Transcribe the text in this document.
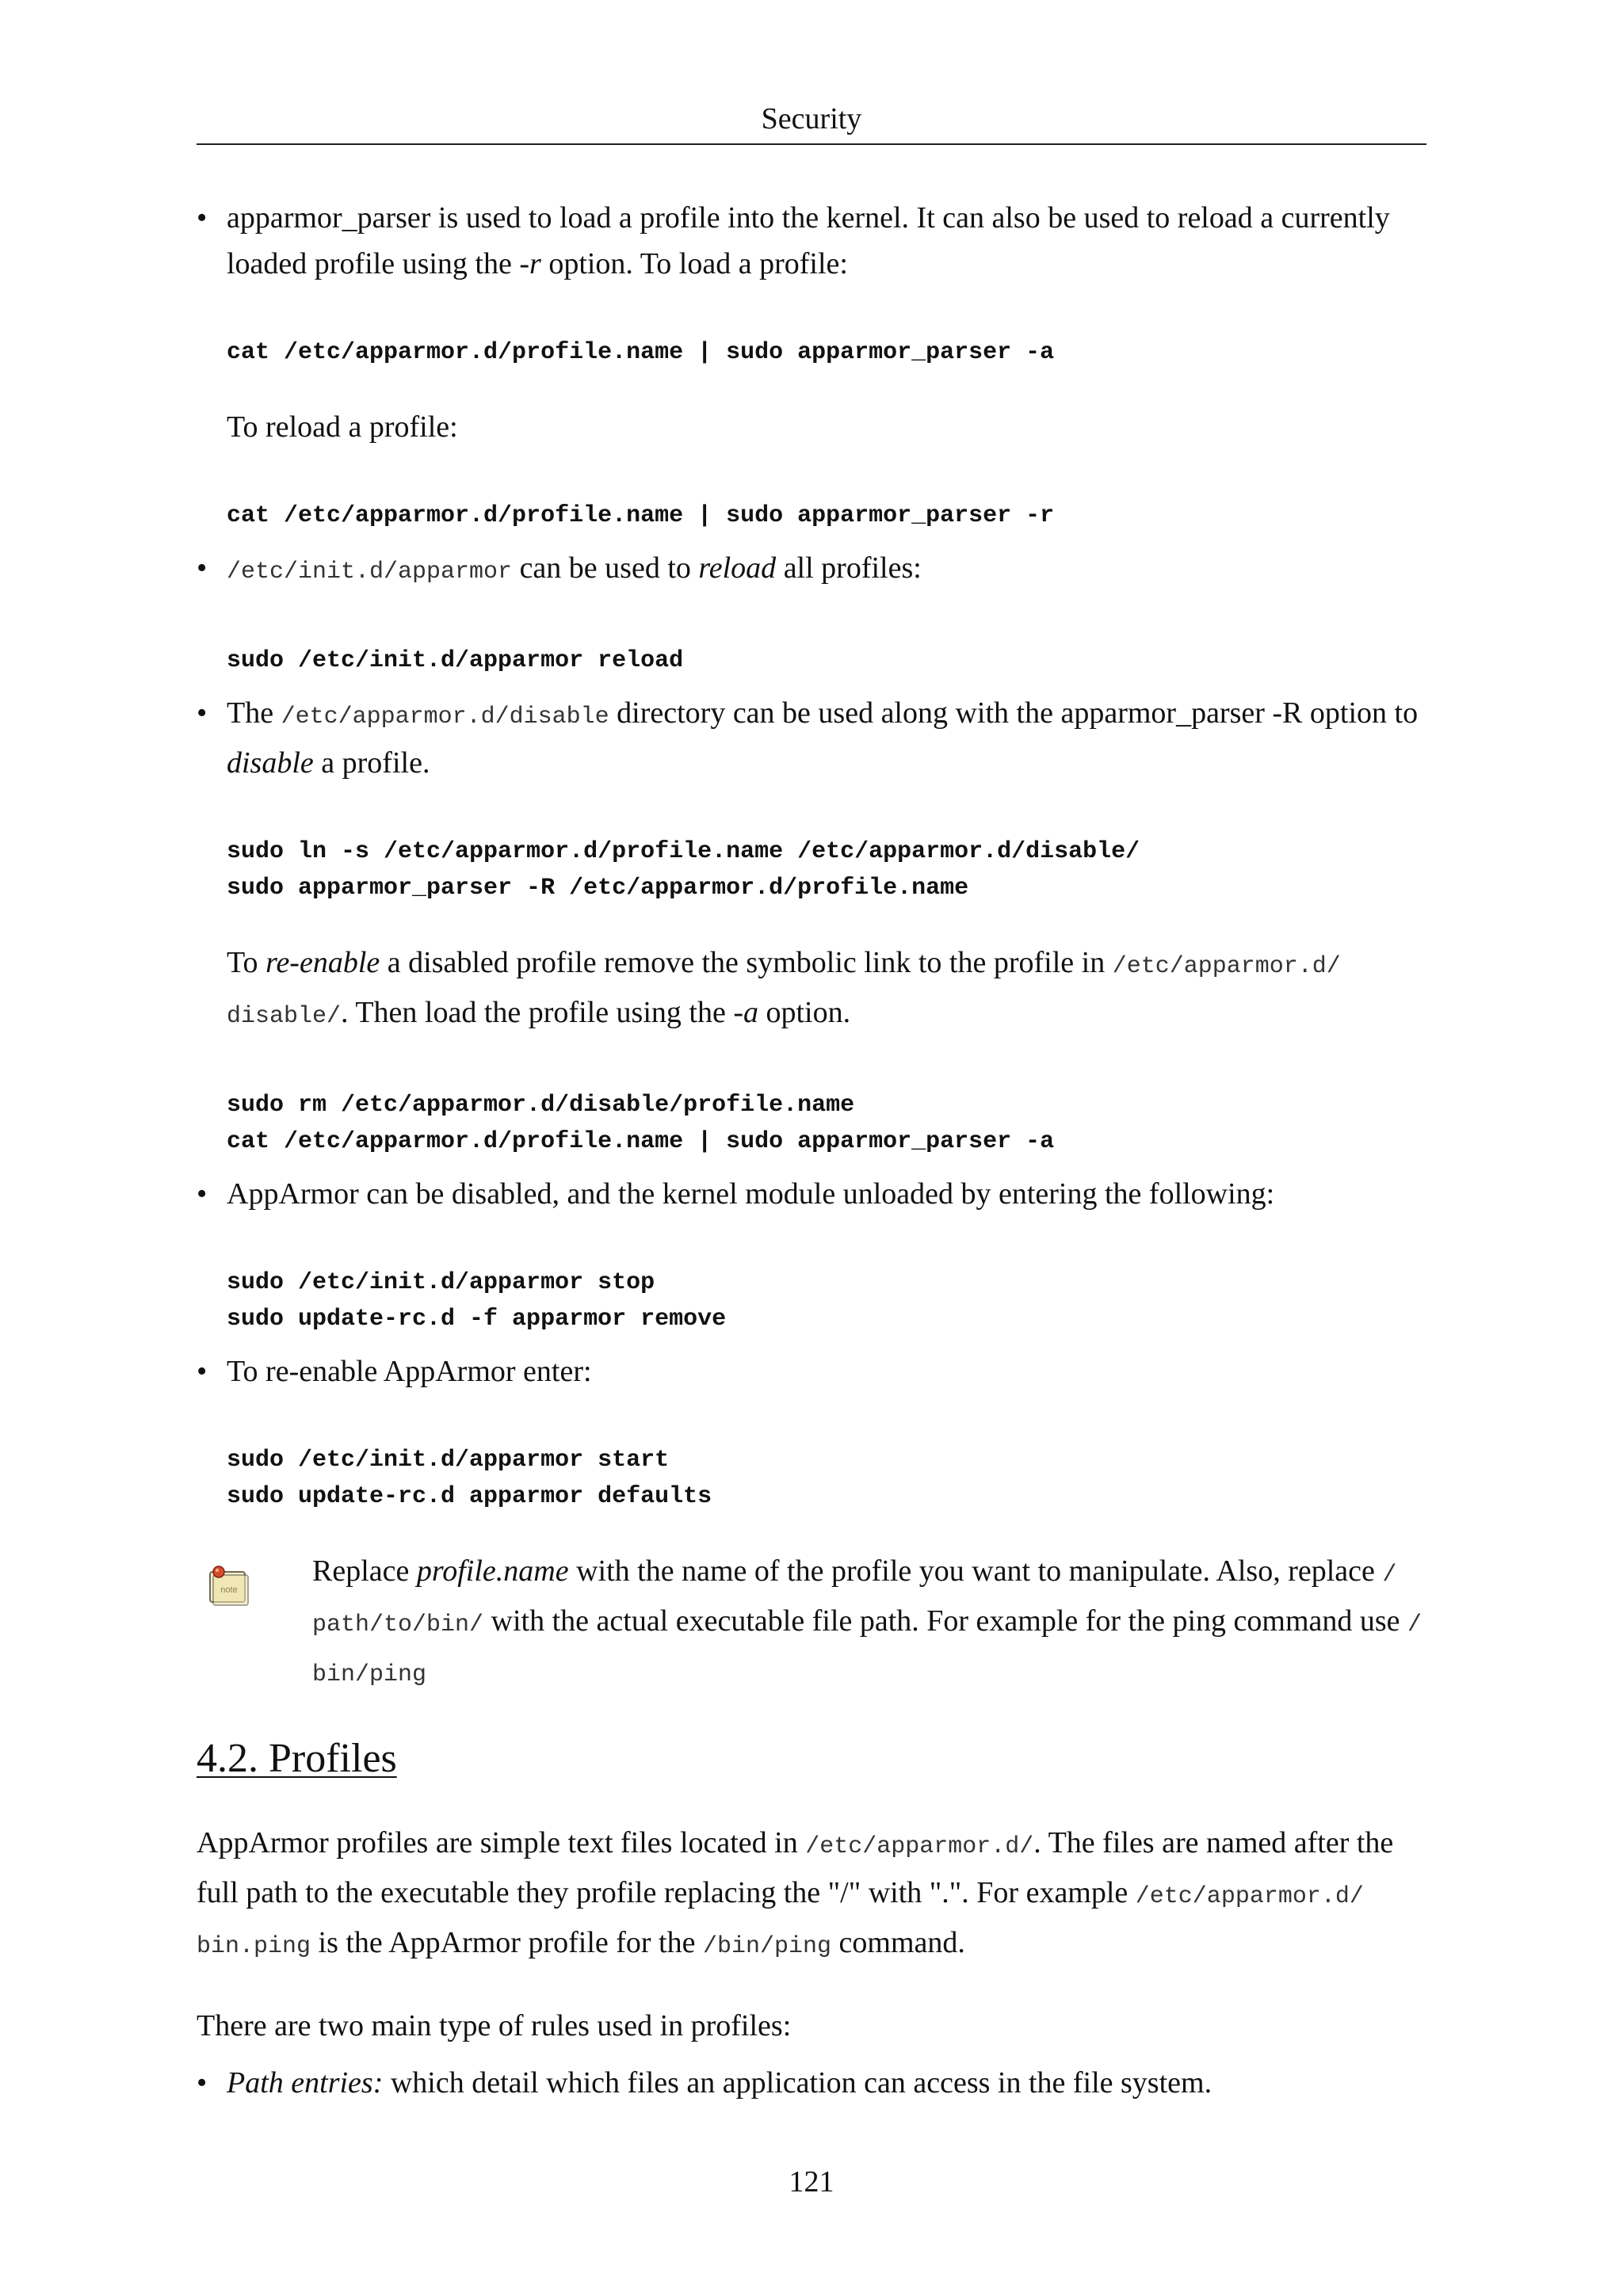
Security
• apparmor_parser is used to load a profile into the kernel. It can also be used to reload a currently loaded profile using the -r option. To load a profile:
cat /etc/apparmor.d/profile.name | sudo apparmor_parser -a
To reload a profile:
cat /etc/apparmor.d/profile.name | sudo apparmor_parser -r
• /etc/init.d/apparmor can be used to reload all profiles:
sudo /etc/init.d/apparmor reload
• The /etc/apparmor.d/disable directory can be used along with the apparmor_parser -R option to disable a profile.
sudo ln -s /etc/apparmor.d/profile.name /etc/apparmor.d/disable/
sudo apparmor_parser -R /etc/apparmor.d/profile.name
To re-enable a disabled profile remove the symbolic link to the profile in /etc/apparmor.d/ disable/. Then load the profile using the -a option.
sudo rm /etc/apparmor.d/disable/profile.name
cat /etc/apparmor.d/profile.name | sudo apparmor_parser -a
• AppArmor can be disabled, and the kernel module unloaded by entering the following:
sudo /etc/init.d/apparmor stop
sudo update-rc.d -f apparmor remove
• To re-enable AppArmor enter:
sudo /etc/init.d/apparmor start
sudo update-rc.d apparmor defaults
note
Replace profile.name with the name of the profile you want to manipulate. Also, replace / path/to/bin/ with the actual executable file path. For example for the ping command use / bin/ping
4.2. Profiles
AppArmor profiles are simple text files located in /etc/apparmor.d/. The files are named after the full path to the executable they profile replacing the "/" with ".". For example /etc/apparmor.d/ bin.ping is the AppArmor profile for the /bin/ping command.
There are two main type of rules used in profiles:
• Path entries: which detail which files an application can access in the file system.
121
